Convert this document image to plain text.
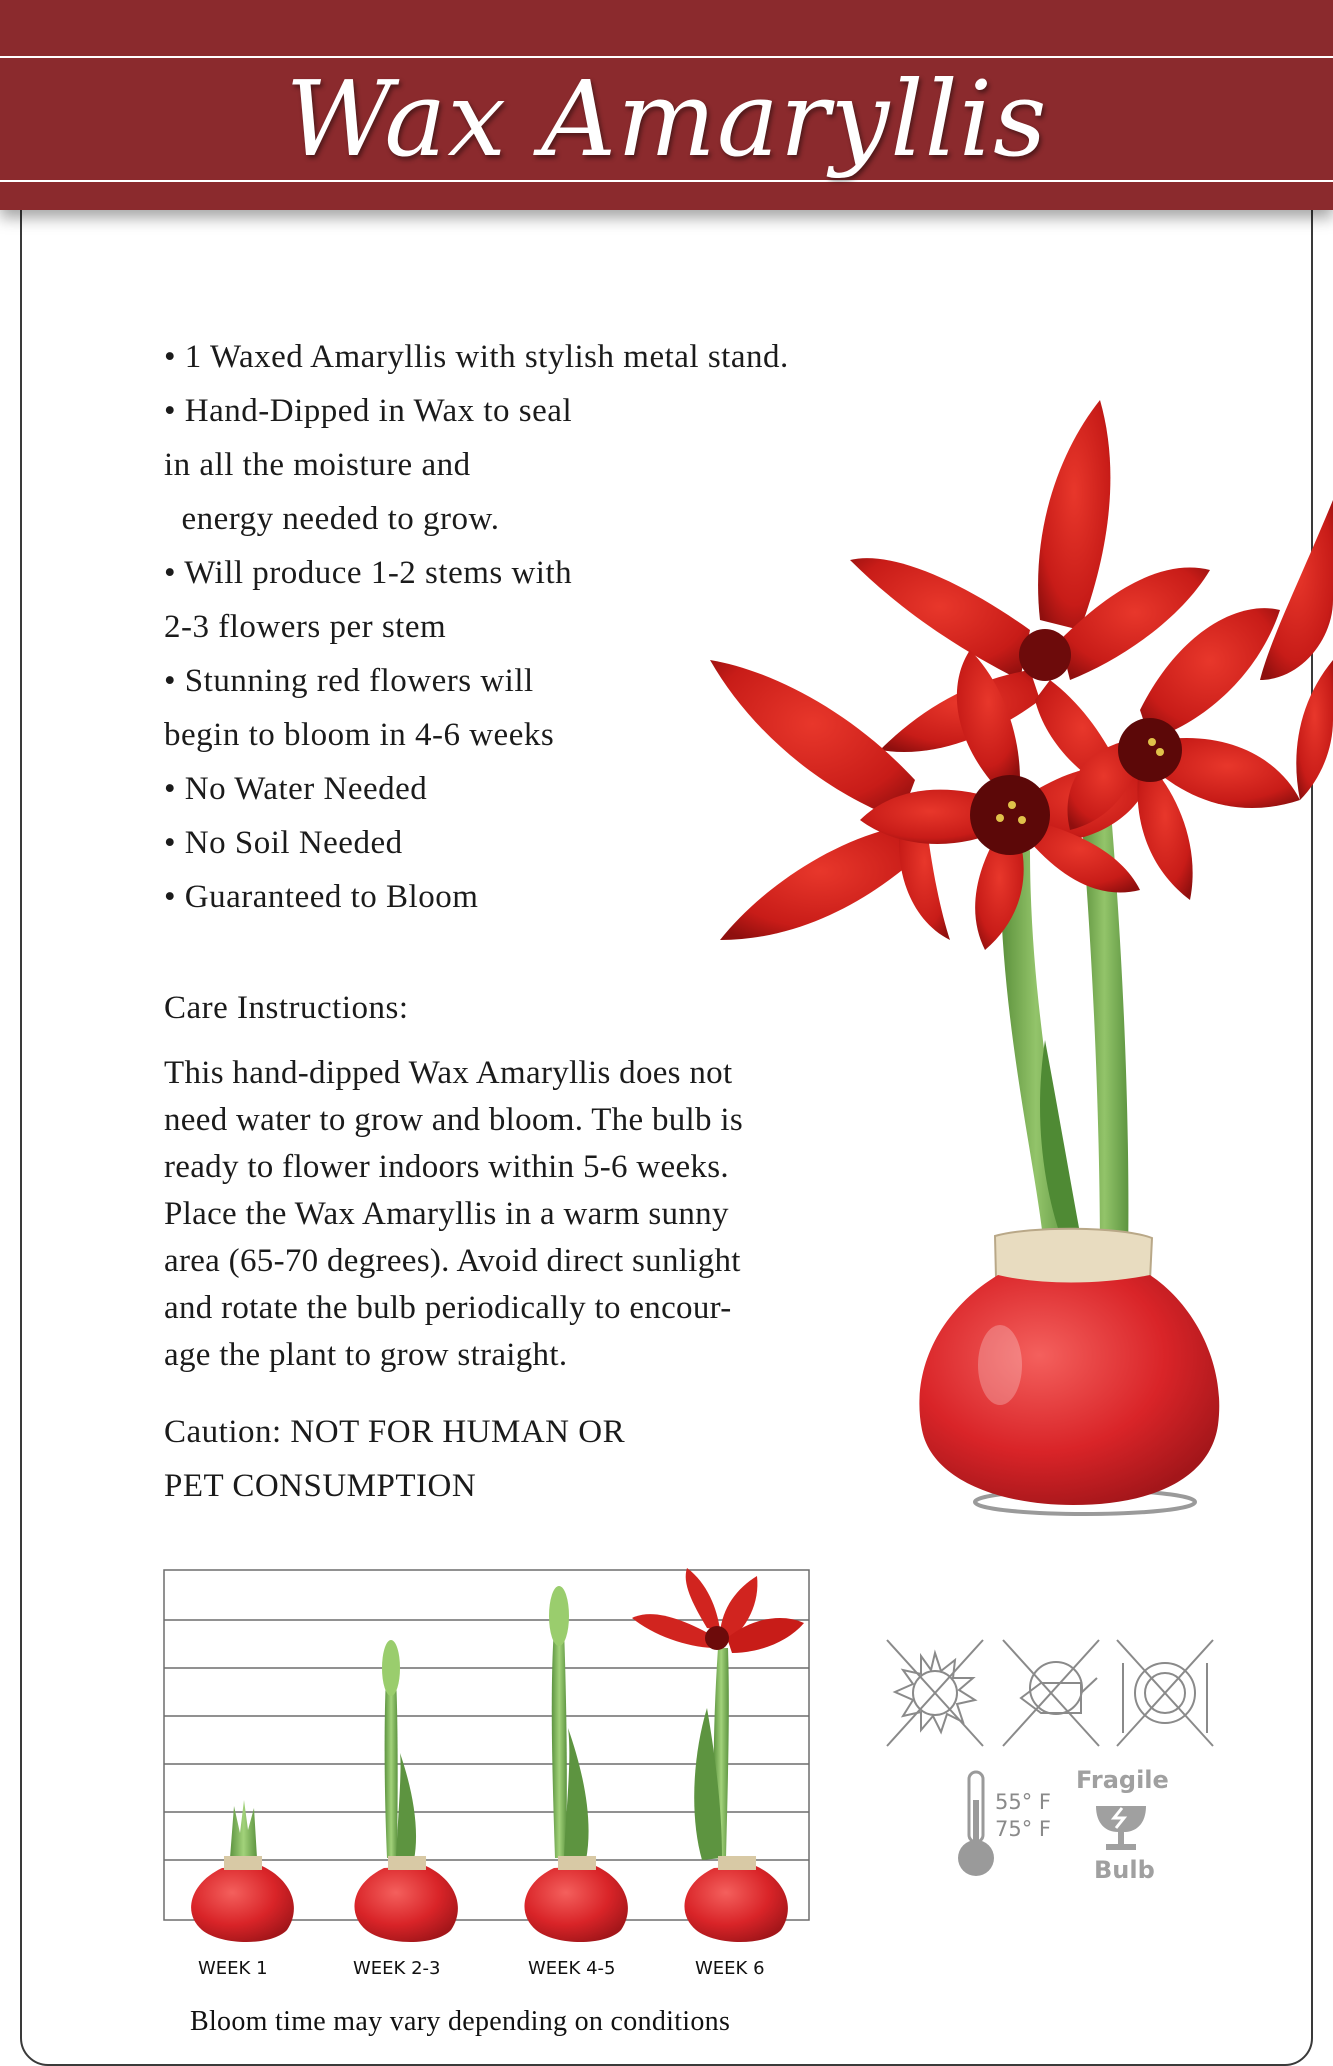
Wax Amaryllis
• 1 Waxed Amaryllis with stylish metal stand.
• Hand-Dipped in Wax to seal
in all the moisture and
energy needed to grow.
• Will produce 1-2 stems with
2-3 flowers per stem
• Stunning red flowers will
begin to bloom in 4-6 weeks
• No Water Needed
• No Soil Needed
• Guaranteed to Bloom
Care Instructions:
This hand-dipped Wax Amaryllis does not
need water to grow and bloom. The bulb is
ready to flower indoors within 5-6 weeks.
Place the Wax Amaryllis in a warm sunny
area (65-70 degrees). Avoid direct sunlight
and rotate the bulb periodically to encour-
age the plant to grow straight.
Caution: NOT FOR HUMAN OR
PET CONSUMPTION
WEEK 1	WEEK 2-3	WEEK 4-5	WEEK 6
Bloom time may vary depending on conditions
55° F
75° F
Fragile
Bulb
